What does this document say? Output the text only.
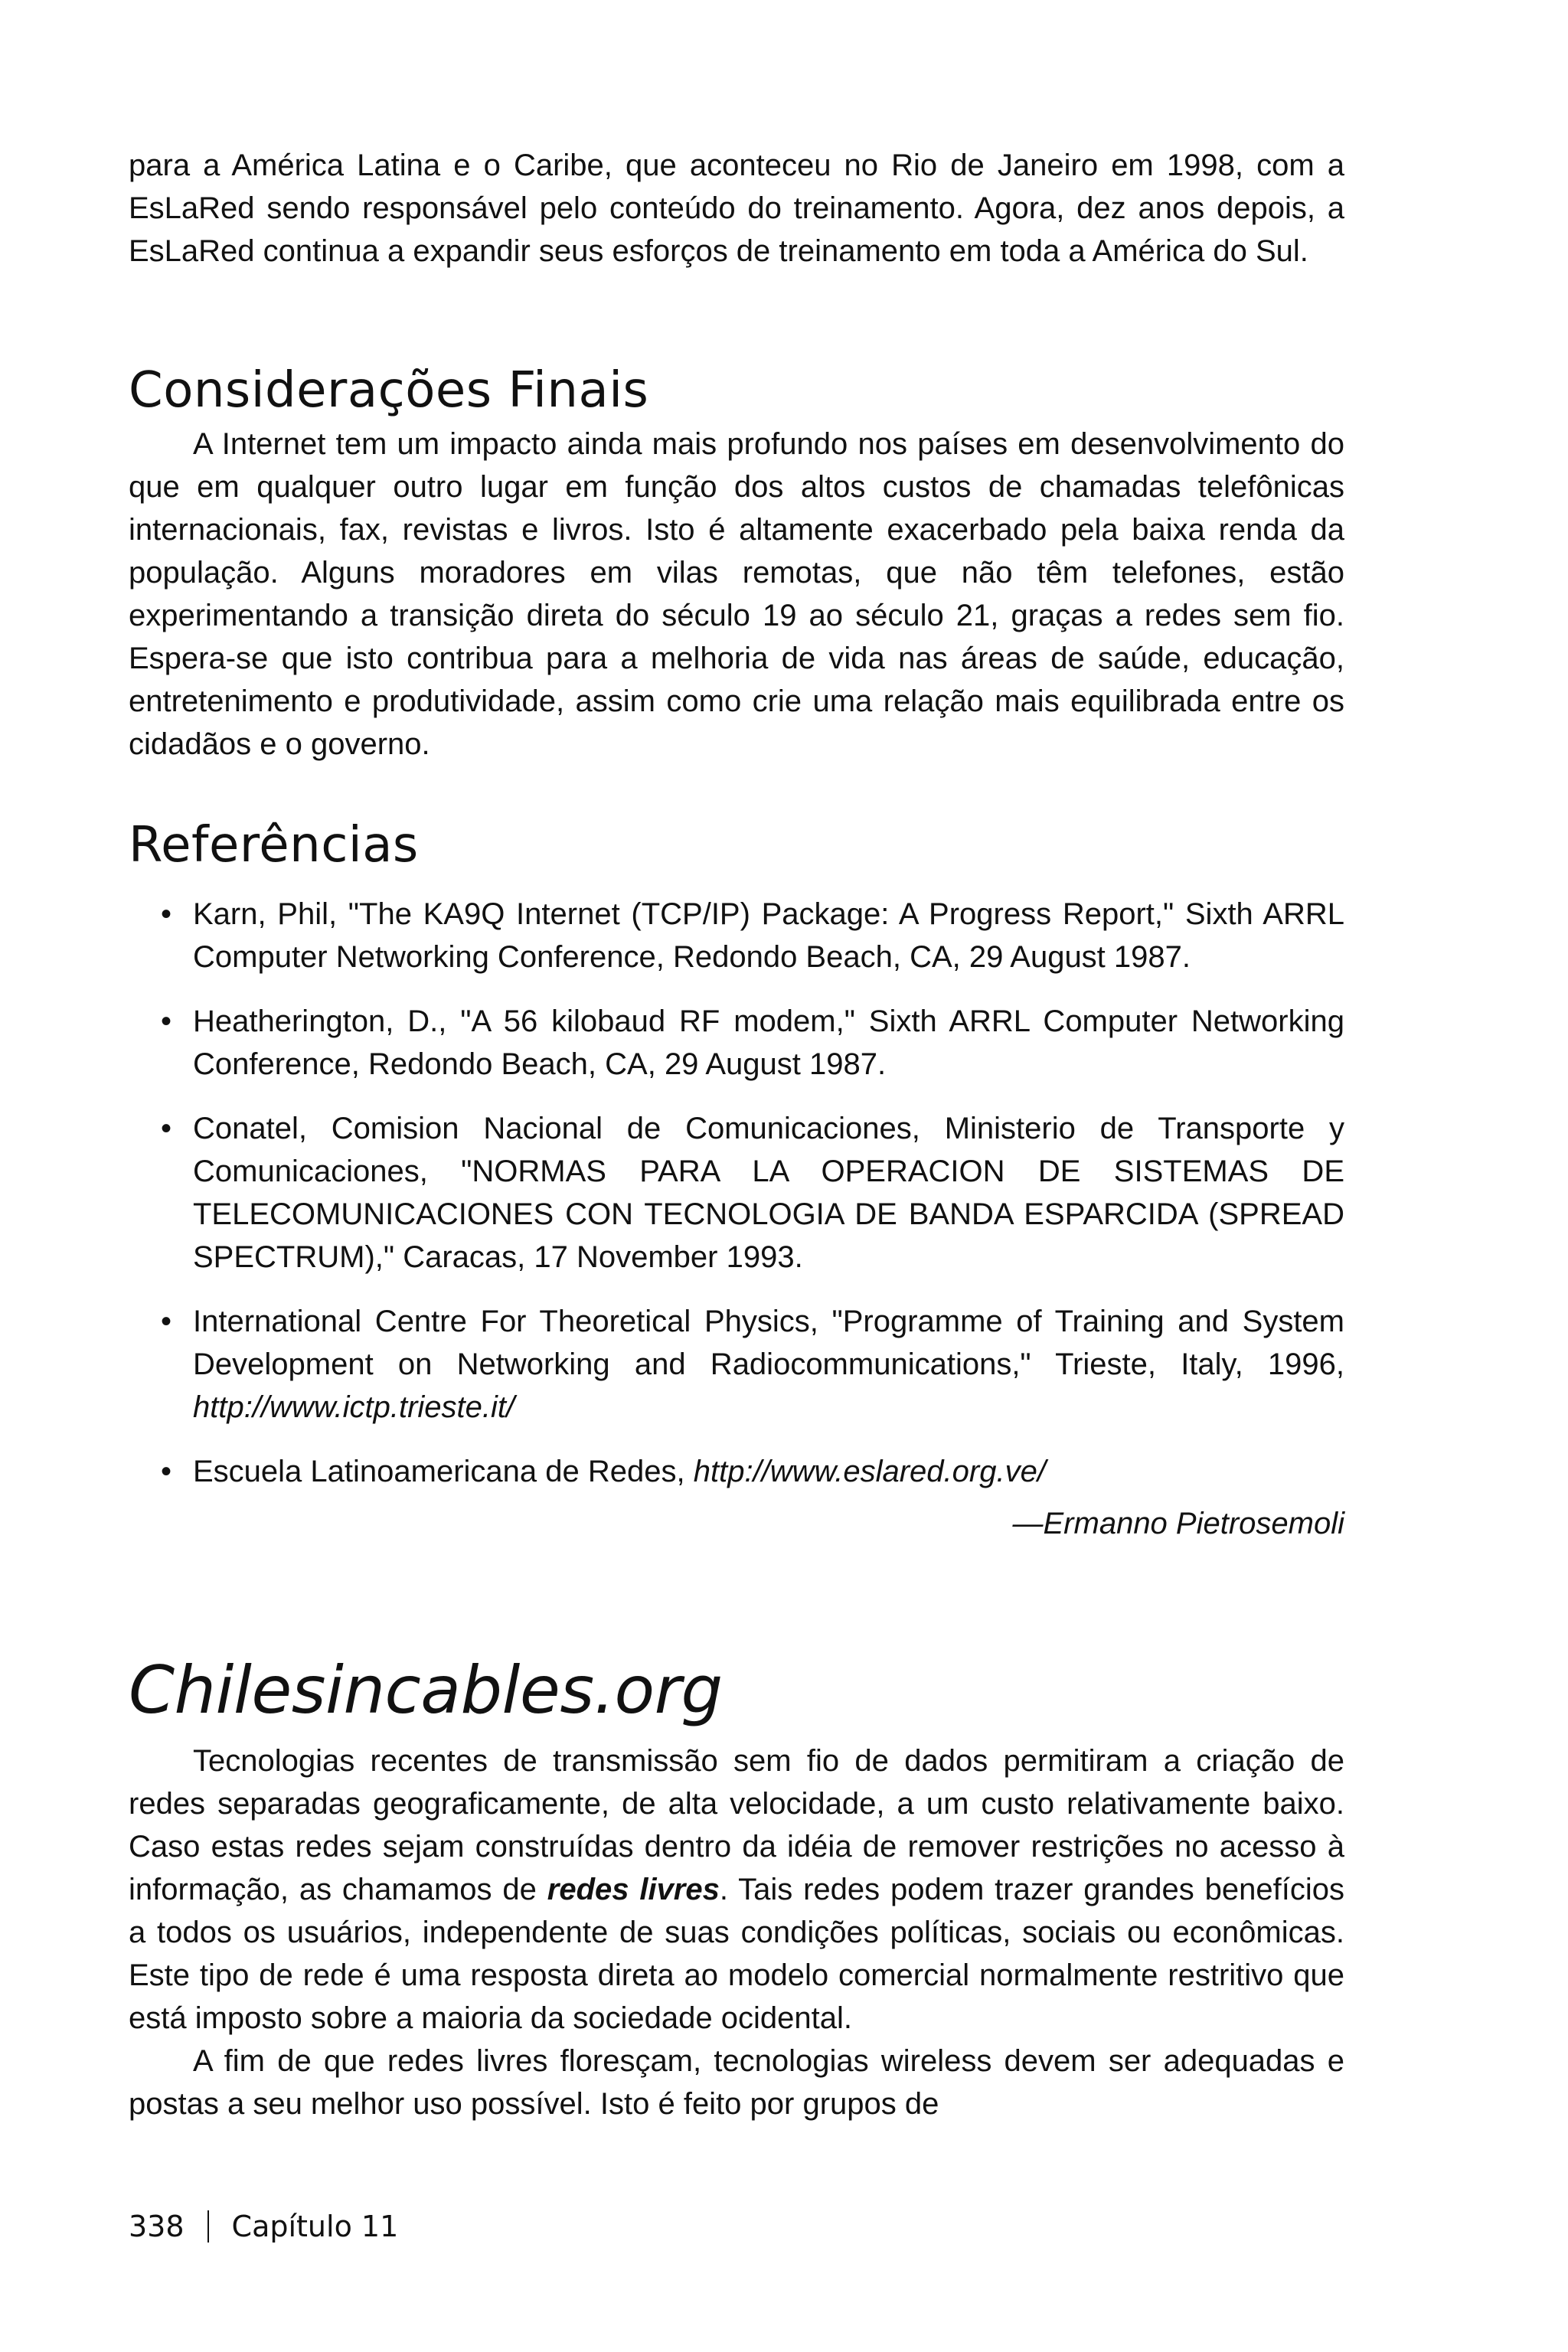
para a América Latina e o Caribe, que aconteceu no Rio de Janeiro em 1998, com a EsLaRed sendo responsável pelo conteúdo do treinamento. Agora, dez anos depois, a EsLaRed continua a expandir seus esforços de treinamento em toda a América do Sul.

Considerações Finais

A Internet tem um impacto ainda mais profundo nos países em desenvolvimento do que em qualquer outro lugar em função dos altos custos de chamadas telefônicas internacionais, fax, revistas e livros. Isto é altamente exacerbado pela baixa renda da população. Alguns moradores em vilas remotas, que não têm telefones, estão experimentando a transição direta do século 19 ao século 21, graças a redes sem fio. Espera-se que isto contribua para a melhoria de vida nas áreas de saúde, educação, entretenimento e produtividade, assim como crie uma relação mais equilibrada entre os cidadãos e o governo.

Referências
• Karn, Phil, "The KA9Q Internet (TCP/IP) Package: A Progress Report," Sixth ARRL Computer Networking Conference, Redondo Beach, CA, 29 August 1987.
• Heatherington, D., "A 56 kilobaud RF modem," Sixth ARRL Computer Networking Conference, Redondo Beach, CA, 29 August 1987.
• Conatel, Comision Nacional de Comunicaciones, Ministerio de Transporte y Comunicaciones, "NORMAS PARA LA OPERACION DE SISTEMAS DE TELECOMUNICACIONES CON TECNOLOGIA DE BANDA ESPARCIDA (SPREAD SPECTRUM)," Caracas, 17 November 1993.
• International Centre For Theoretical Physics, "Programme of Training and System Development on Networking and Radiocommunications," Trieste, Italy, 1996, http://www.ictp.trieste.it/
• Escuela Latinoamericana de Redes, http://www.eslared.org.ve/

—Ermanno Pietrosemoli

Chilesincables.org

Tecnologias recentes de transmissão sem fio de dados permitiram a criação de redes separadas geograficamente, de alta velocidade, a um custo relativamente baixo. Caso estas redes sejam construídas dentro da idéia de remover restrições no acesso à informação, as chamamos de redes livres. Tais redes podem trazer grandes benefícios a todos os usuários, independente de suas condições políticas, sociais ou econômicas. Este tipo de rede é uma resposta direta ao modelo comercial normalmente restritivo que está imposto sobre a maioria da sociedade ocidental.

A fim de que redes livres floresçam, tecnologias wireless devem ser adequadas e postas a seu melhor uso possível. Isto é feito por grupos de

338 Capítulo 11
